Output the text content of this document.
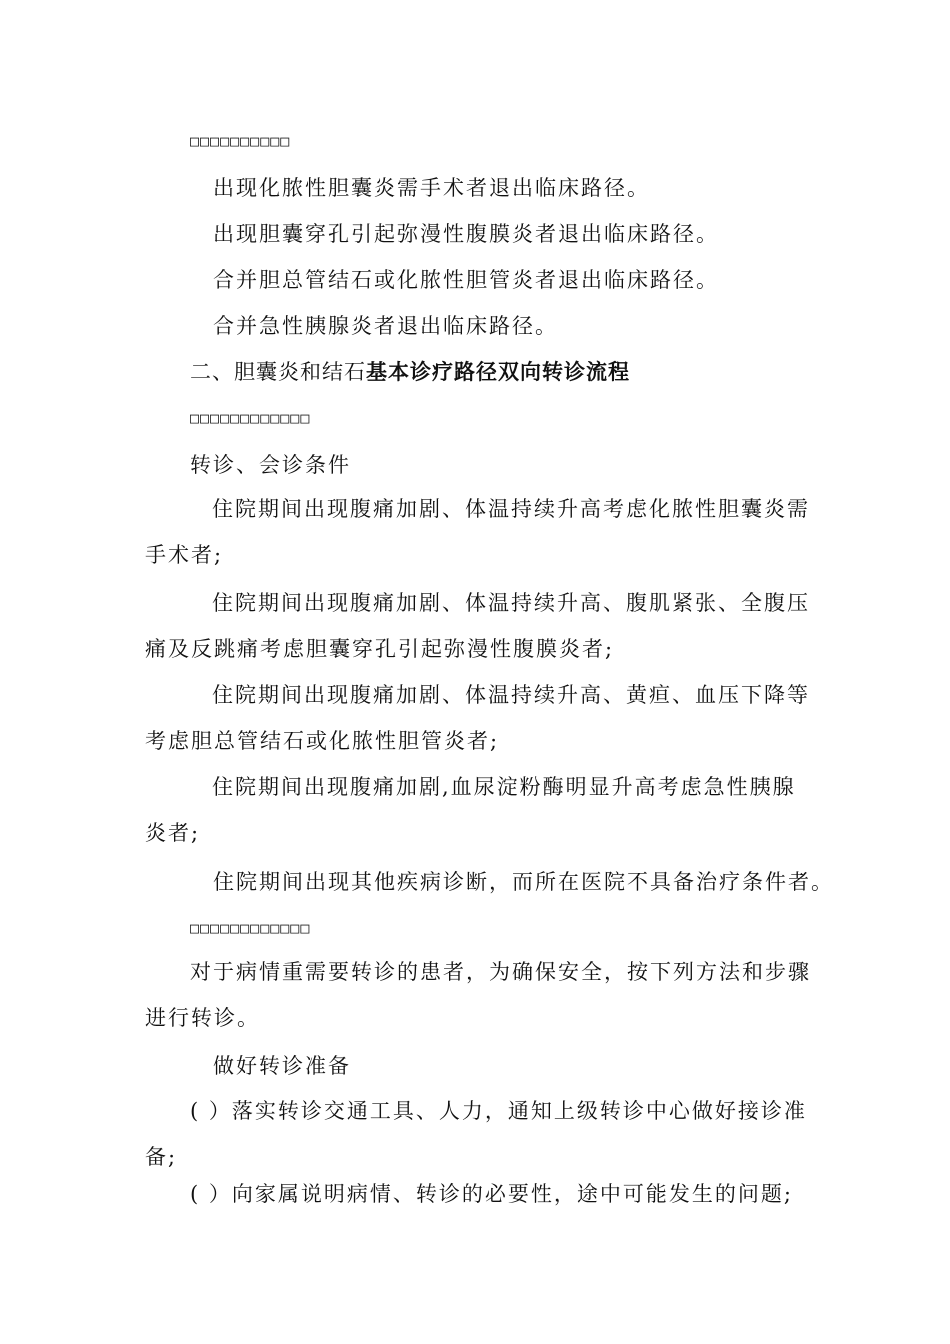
□□□□□□□□□□
出现化脓性胆囊炎需手术者退出临床路径。
出现胆囊穿孔引起弥漫性腹膜炎者退出临床路径。
合并胆总管结石或化脓性胆管炎者退出临床路径。
合并急性胰腺炎者退出临床路径。
二、胆囊炎和结石基本诊疗路径双向转诊流程
□□□□□□□□□□□□
转诊、会诊条件
住院期间出现腹痛加剧、体温持续升高考虑化脓性胆囊炎需手术者;
住院期间出现腹痛加剧、体温持续升高、腹肌紧张、全腹压痛及反跳痛考虑胆囊穿孔引起弥漫性腹膜炎者;
住院期间出现腹痛加剧、体温持续升高、黄疸、血压下降等考虑胆总管结石或化脓性胆管炎者;
住院期间出现腹痛加剧,血尿淀粉酶明显升高考虑急性胰腺炎者;
住院期间出现其他疾病诊断，而所在医院不具备治疗条件者。
□□□□□□□□□□□□
对于病情重需要转诊的患者，为确保安全，按下列方法和步骤进行转诊。
做好转诊准备
( ）落实转诊交通工具、人力，通知上级转诊中心做好接诊准备;
( ）向家属说明病情、转诊的必要性，途中可能发生的问题;
